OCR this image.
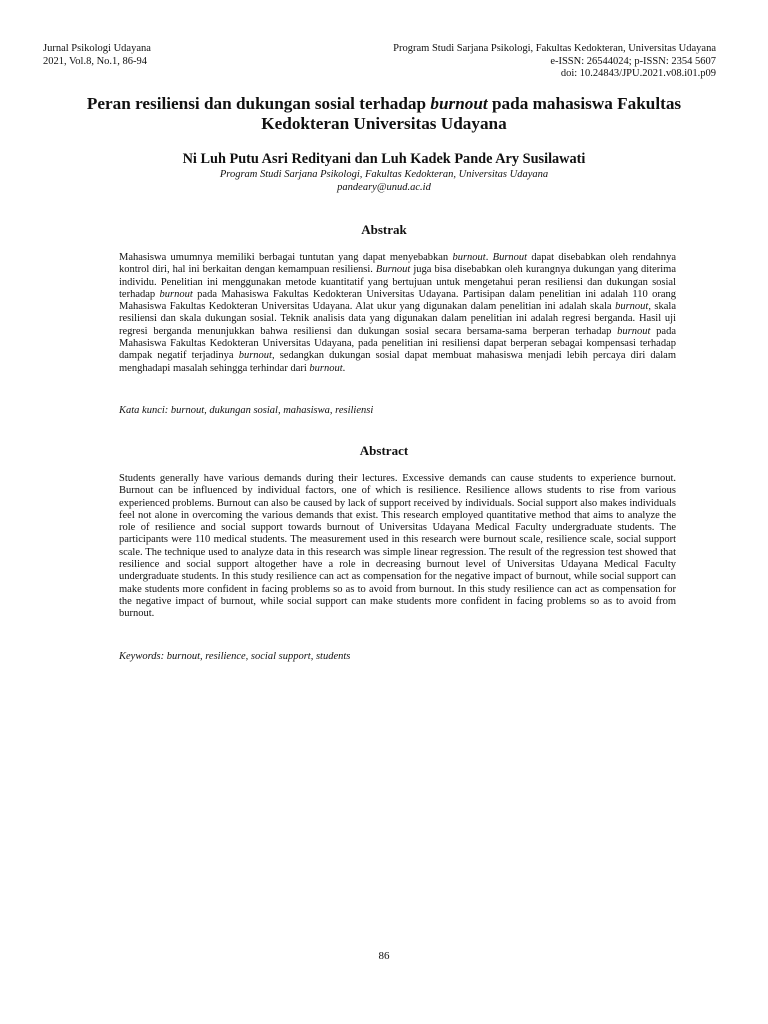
Jurnal Psikologi Udayana
2021, Vol.8, No.1, 86-94
Program Studi Sarjana Psikologi, Fakultas Kedokteran, Universitas Udayana
e-ISSN: 26544024; p-ISSN: 2354 5607
doi: 10.24843/JPU.2021.v08.i01.p09
Peran resiliensi dan dukungan sosial terhadap burnout pada mahasiswa Fakultas Kedokteran Universitas Udayana
Ni Luh Putu Asri Redityani dan Luh Kadek Pande Ary Susilawati
Program Studi Sarjana Psikologi, Fakultas Kedokteran, Universitas Udayana
pandeary@unud.ac.id
Abstrak
Mahasiswa umumnya memiliki berbagai tuntutan yang dapat menyebabkan burnout. Burnout dapat disebabkan oleh rendahnya kontrol diri, hal ini berkaitan dengan kemampuan resiliensi. Burnout juga bisa disebabkan oleh kurangnya dukungan yang diterima individu. Penelitian ini menggunakan metode kuantitatif yang bertujuan untuk mengetahui peran resiliensi dan dukungan sosial terhadap burnout pada Mahasiswa Fakultas Kedokteran Universitas Udayana. Partisipan dalam penelitian ini adalah 110 orang Mahasiswa Fakultas Kedokteran Universitas Udayana. Alat ukur yang digunakan dalam penelitian ini adalah skala burnout, skala resiliensi dan skala dukungan sosial. Teknik analisis data yang digunakan dalam penelitian ini adalah regresi berganda. Hasil uji regresi berganda menunjukkan bahwa resiliensi dan dukungan sosial secara bersama-sama berperan terhadap burnout pada Mahasiswa Fakultas Kedokteran Universitas Udayana, pada penelitian ini resiliensi dapat berperan sebagai kompensasi terhadap dampak negatif terjadinya burnout, sedangkan dukungan sosial dapat membuat mahasiswa menjadi lebih percaya diri dalam menghadapi masalah sehingga terhindar dari burnout.
Kata kunci: burnout, dukungan sosial, mahasiswa, resiliensi
Abstract
Students generally have various demands during their lectures. Excessive demands can cause students to experience burnout. Burnout can be influenced by individual factors, one of which is resilience. Resilience allows students to rise from various experienced problems. Burnout can also be caused by lack of support received by individuals. Social support also makes individuals feel not alone in overcoming the various demands that exist. This research employed quantitative method that aims to analyze the role of resilience and social support towards burnout of Universitas Udayana Medical Faculty undergraduate students. The participants were 110 medical students. The measurement used in this research were burnout scale, resilience scale, social support scale. The technique used to analyze data in this research was simple linear regression. The result of the regression test showed that resilience and social support altogether have a role in decreasing burnout level of Universitas Udayana Medical Faculty undergraduate students. In this study resilience can act as compensation for the negative impact of burnout, while social support can make students more confident in facing problems so as to avoid from burnout. In this study resilience can act as compensation for the negative impact of burnout, while social support can make students more confident in facing problems so as to avoid from burnout.
Keywords: burnout, resilience, social support, students
86
